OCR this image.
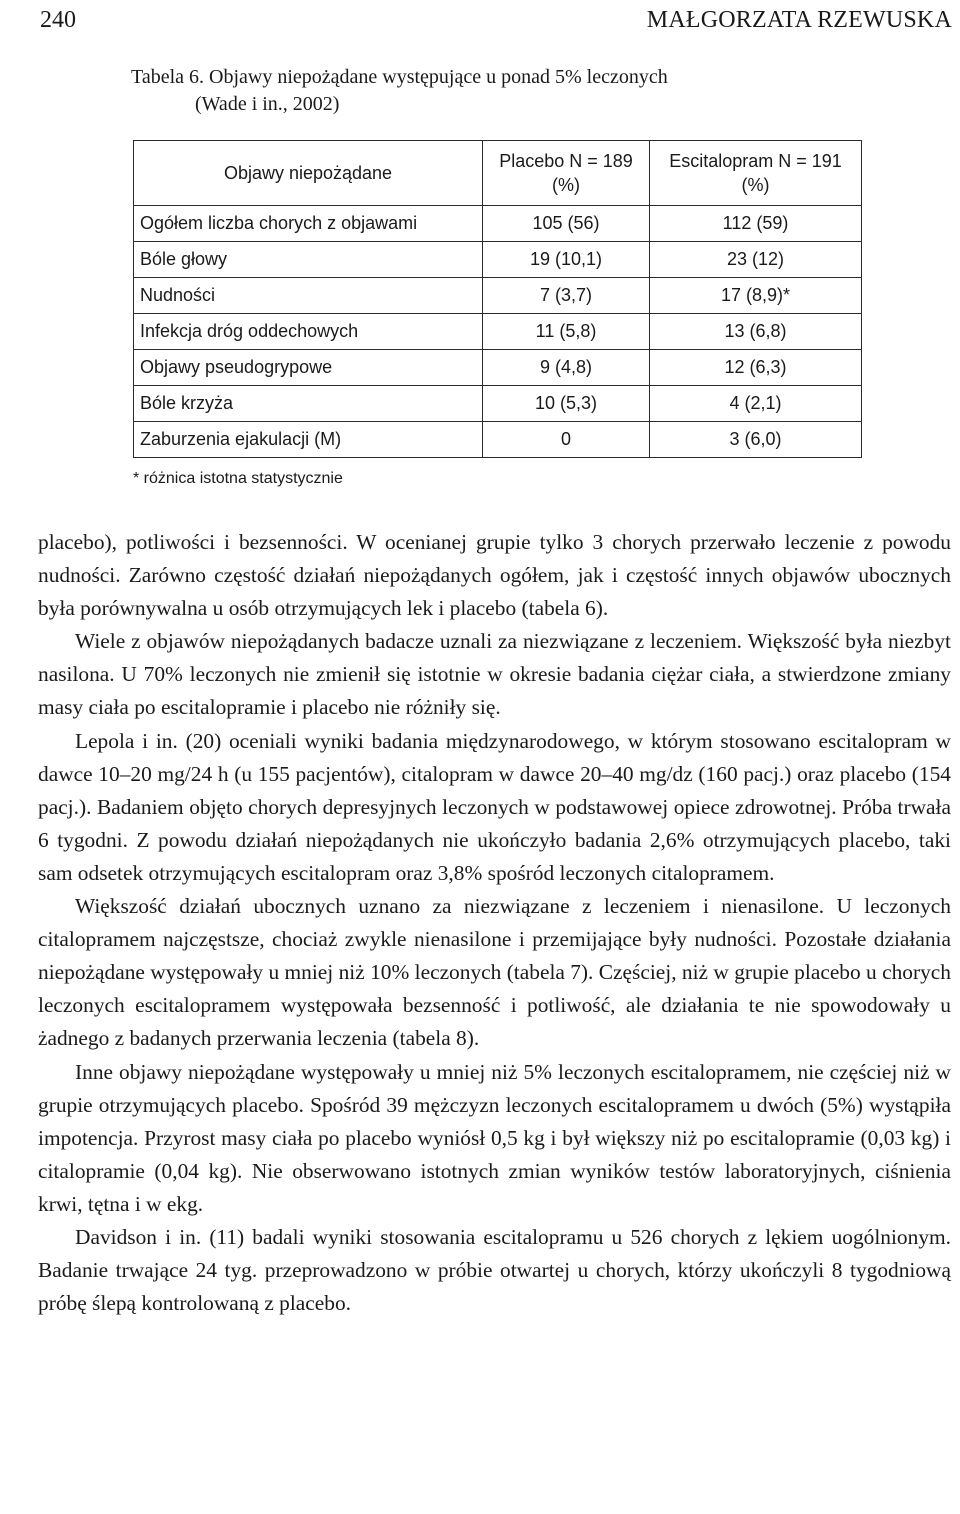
240	MAŁGORZATA RZEWUSKA
Tabela 6. Objawy niepożądane występujące u ponad 5% leczonych
(Wade i in., 2002)
Objawy niepożądane	Placebo N = 189 (%)	Escitalopram N = 191 (%)
Ogółem liczba chorych z objawami	105 (56)	112 (59)
Bóle głowy	19 (10,1)	23 (12)
Nudności	7 (3,7)	17 (8,9)*
Infekcja dróg oddechowych	11 (5,8)	13 (6,8)
Objawy pseudogrypowe	9 (4,8)	12 (6,3)
Bóle krzyża	10 (5,3)	4 (2,1)
Zaburzenia ejakulacji (M)	0	3 (6,0)
* różnica istotna statystycznie

placebo), potliwości i bezsenności. W ocenianej grupie tylko 3 chorych przerwało leczenie z powodu nudności. Zarówno częstość działań niepożądanych ogółem, jak i częstość innych objawów ubocznych była porównywalna u osób otrzymujących lek i placebo (tabela 6).

Wiele z objawów niepożądanych badacze uznali za niezwiązane z leczeniem. Większość była niezbyt nasilona. U 70% leczonych nie zmienił się istotnie w okresie badania ciężar ciała, a stwierdzone zmiany masy ciała po escitalopramie i placebo nie różniły się.

Lepola i in. (20) oceniali wyniki badania międzynarodowego, w którym stosowano escitalopram w dawce 10–20 mg/24 h (u 155 pacjentów), citalopram w dawce 20–40 mg/dz (160 pacj.) oraz placebo (154 pacj.). Badaniem objęto chorych depresyjnych leczonych w podstawowej opiece zdrowotnej. Próba trwała 6 tygodni. Z powodu działań niepożądanych nie ukończyło badania 2,6% otrzymujących placebo, taki sam odsetek otrzymujących escitalopram oraz 3,8% spośród leczonych citalopramem.

Większość działań ubocznych uznano za niezwiązane z leczeniem i nienasilone. U leczonych citalopramem najczęstsze, chociaż zwykle nienasilone i przemijające były nudności. Pozostałe działania niepożądane występowały u mniej niż 10% leczonych (tabela 7). Częściej, niż w grupie placebo u chorych leczonych escitalopramem występowała bezsenność i potliwość, ale działania te nie spowodowały u żadnego z badanych przerwania leczenia (tabela 8).

Inne objawy niepożądane występowały u mniej niż 5% leczonych escitalopramem, nie częściej niż w grupie otrzymujących placebo. Spośród 39 mężczyzn leczonych escitalopramem u dwóch (5%) wystąpiła impotencja. Przyrost masy ciała po placebo wyniósł 0,5 kg i był większy niż po escitalopramie (0,03 kg) i citalopramie (0,04 kg). Nie obserwowano istotnych zmian wyników testów laboratoryjnych, ciśnienia krwi, tętna i w ekg.

Davidson i in. (11) badali wyniki stosowania escitalopramu u 526 chorych z lękiem uogólnionym. Badanie trwające 24 tyg. przeprowadzono w próbie otwartej u chorych, którzy ukończyli 8 tygodniową próbę ślepą kontrolowaną z placebo.
